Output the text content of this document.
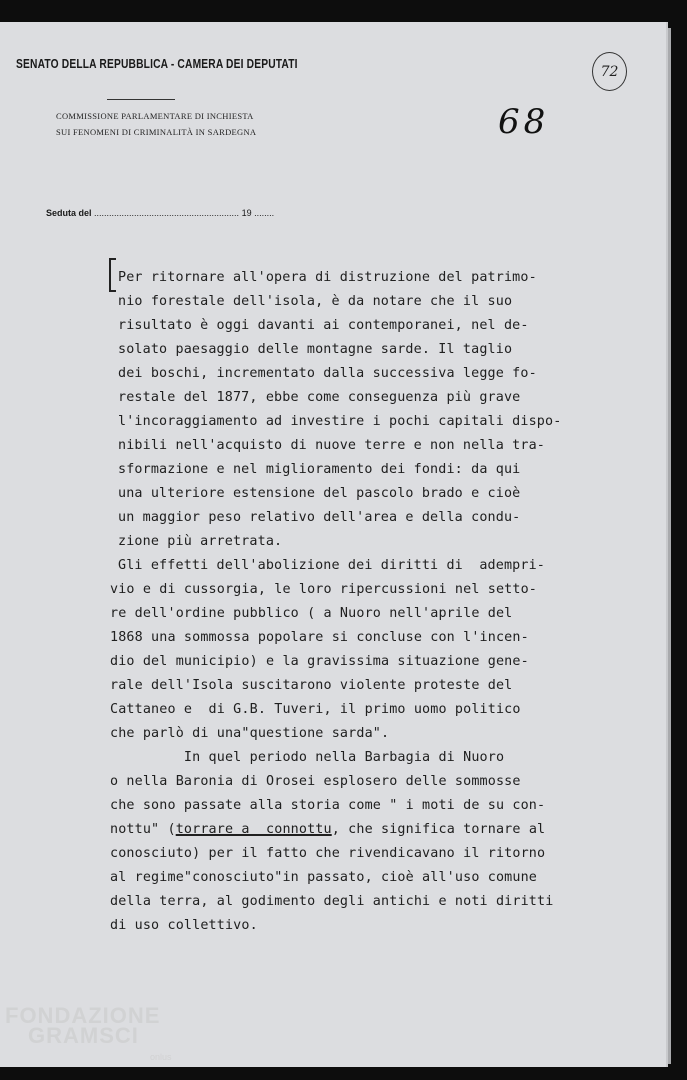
SENATO DELLA REPUBBLICA - CAMERA DEI DEPUTATI
COMMISSIONE PARLAMENTARE DI INCHIESTA
SUI FENOMENI DI CRIMINALITÀ IN SARDEGNA	68
72
Seduta del .......................................................... 19 ........
Per ritornare all'opera di distruzione del patrimo-
nio forestale dell'isola, è da notare che il suo
risultato è oggi davanti ai contemporanei, nel de-
solato paesaggio delle montagne sarde. Il taglio
dei boschi, incrementato dalla successiva legge fo-
restale del 1877, ebbe come conseguenza più grave
l'incoraggiamento ad investire i pochi capitali dispo-
nibili nell'acquisto di nuove terre e non nella tra-
sformazione e nel miglioramento dei fondi: da qui
una ulteriore estensione del pascolo brado e cioè
un maggior peso relativo dell'area e della condu-
zione più arretrata.
Gli effetti dell'abolizione dei diritti di  adempri-
vio e di cussorgia, le loro ripercussioni nel setto-
re dell'ordine pubblico ( a Nuoro nell'aprile del
1868 una sommossa popolare si concluse con l'incen-
dio del municipio) e la gravissima situazione gene-
rale dell'Isola suscitarono violente proteste del
Cattaneo e  di G.B. Tuveri, il primo uomo politico
che parlò di una"questione sarda".
In quel periodo nella Barbagia di Nuoro
o nella Baronia di Orosei esplosero delle sommosse
che sono passate alla storia come " i moti de su con-
nottu" (torrare a  connottu, che significa tornare al
conosciuto) per il fatto che rivendicavano il ritorno
al regime"conosciuto"in passato, cioè all'uso comune
della terra, al godimento degli antichi e noti diritti
di uso collettivo.
FONDAZIONE
GRAMSCI
onlus
